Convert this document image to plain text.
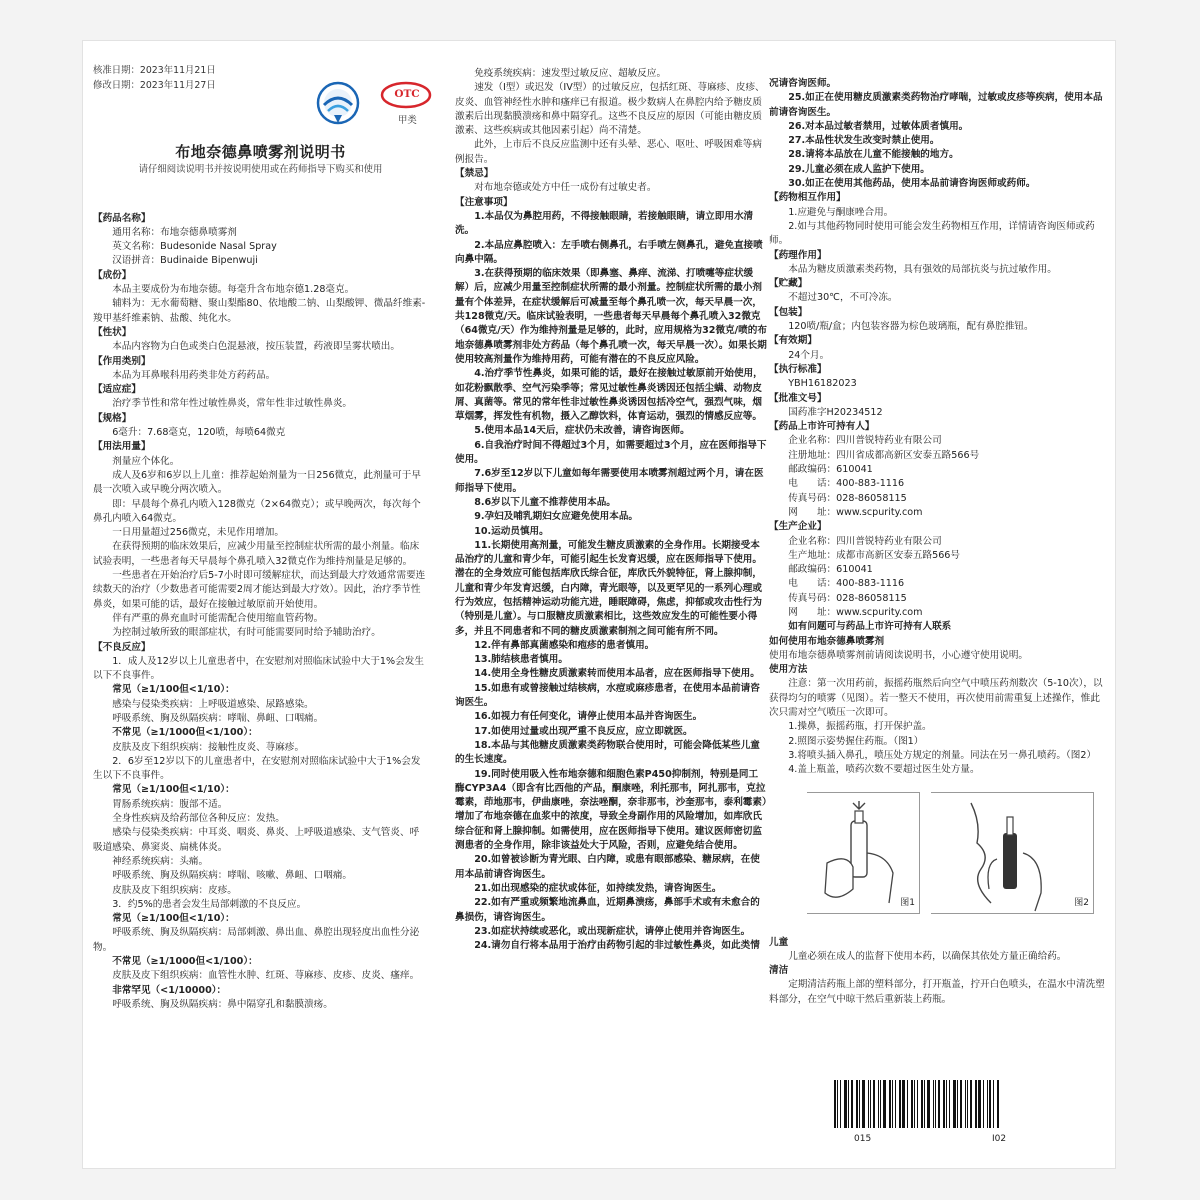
核准日期：2023年11月21日

修改日期：2023年11月27日

OTC
甲类
布地奈德鼻喷雾剂说明书
请仔细阅读说明书并按说明使用或在药师指导下购买和使用

【药品名称】

通用名称：布地奈德鼻喷雾剂

英文名称：Budesonide Nasal Spray

汉语拼音：Budinaide Bipenwuji

【成份】

本品主要成份为布地奈德。每毫升含布地奈德1.28毫克。

辅料为：无水葡萄糖、聚山梨酯80、依地酸二钠、山梨酸钾、微晶纤维素-羧甲基纤维素钠、盐酸、纯化水。

【性状】

本品内容物为白色或类白色混悬液，按压装置，药液即呈雾状喷出。

【作用类别】

本品为耳鼻喉科用药类非处方药药品。

【适应症】

治疗季节性和常年性过敏性鼻炎，常年性非过敏性鼻炎。

【规格】

6毫升：7.68毫克，120喷，每喷64微克

【用法用量】

剂量应个体化。

成人及6岁和6岁以上儿童：推荐起始剂量为一日256微克，此剂量可于早晨一次喷入或早晚分两次喷入。

即：早晨每个鼻孔内喷入128微克（2×64微克）；或早晚两次，每次每个鼻孔内喷入64微克。

一日用量超过256微克，未见作用增加。

在获得预期的临床效果后，应减少用量至控制症状所需的最小剂量。临床试验表明，一些患者每天早晨每个鼻孔喷入32微克作为维持剂量是足够的。

一些患者在开始治疗后5-7小时即可缓解症状，而达到最大疗效通常需要连续数天的治疗（少数患者可能需要2周才能达到最大疗效）。因此，治疗季节性鼻炎，如果可能的话，最好在接触过敏原前开始使用。

伴有严重的鼻充血时可能需配合使用缩血管药物。

为控制过敏所致的眼部症状，有时可能需要同时给予辅助治疗。

【不良反应】

1．成人及12岁以上儿童患者中，在安慰剂对照临床试验中大于1%会发生以下不良事件。

常见（≥1/100但<1/10）：

感染与侵染类疾病：上呼吸道感染、尿路感染。

呼吸系统、胸及纵隔疾病：哮喘、鼻衄、口咽痛。

不常见（≥1/1000但<1/100）：

皮肤及皮下组织疾病：接触性皮炎、荨麻疹。

2．6岁至12岁以下的儿童患者中，在安慰剂对照临床试验中大于1%会发生以下不良事件。

常见（≥1/100但<1/10）：

胃肠系统疾病：腹部不适。

全身性疾病及给药部位各种反应：发热。

感染与侵染类疾病：中耳炎、咽炎、鼻炎、上呼吸道感染、支气管炎、呼吸道感染、鼻窦炎、扁桃体炎。

神经系统疾病：头痛。

呼吸系统、胸及纵隔疾病：哮喘、咳嗽、鼻衄、口咽痛。

皮肤及皮下组织疾病：皮疹。

3．约5%的患者会发生局部刺激的不良反应。

常见（≥1/100但<1/10）：

呼吸系统、胸及纵隔疾病：局部刺激、鼻出血、鼻腔出现轻度出血性分泌物。

不常见（≥1/1000但<1/100）：

皮肤及皮下组织疾病：血管性水肿、红斑、荨麻疹、皮疹、皮炎、瘙痒。

非常罕见（<1/10000）：

呼吸系统、胸及纵隔疾病：鼻中隔穿孔和黏膜溃疡。

免疫系统疾病：速发型过敏反应、超敏反应。

速发（I型）或迟发（IV型）的过敏反应，包括红斑、荨麻疹、皮疹、皮炎、血管神经性水肿和瘙痒已有报道。极少数病人在鼻腔内给予糖皮质激素后出现黏膜溃疡和鼻中隔穿孔。这些不良反应的原因（可能由糖皮质激素、这些疾病或其他因素引起）尚不清楚。

此外，上市后不良反应监测中还有头晕、恶心、呕吐、呼吸困难等病例报告。

【禁忌】

对布地奈德或处方中任一成份有过敏史者。

【注意事项】

1.本品仅为鼻腔用药，不得接触眼睛，若接触眼睛，请立即用水清洗。

2.本品应鼻腔喷入：左手喷右侧鼻孔，右手喷左侧鼻孔，避免直接喷向鼻中隔。

3.在获得预期的临床效果（即鼻塞、鼻痒、流涕、打喷嚏等症状缓解）后，应减少用量至控制症状所需的最小剂量。控制症状所需的最小剂量有个体差异，在症状缓解后可减量至每个鼻孔喷一次，每天早晨一次，共128微克/天。临床试验表明，一些患者每天早晨每个鼻孔喷入32微克（64微克/天）作为维持剂量是足够的，此时，应用规格为32微克/喷的布地奈德鼻喷雾剂非处方药品（每个鼻孔喷一次，每天早晨一次）。如果长期使用较高剂量作为维持用药，可能有潜在的不良反应风险。

4.治疗季节性鼻炎，如果可能的话，最好在接触过敏原前开始使用，如花粉飘散季、空气污染季等；常见过敏性鼻炎诱因还包括尘螨、动物皮屑、真菌等。常见的常年性非过敏性鼻炎诱因包括冷空气，强烈气味，烟草烟雾，挥发性有机物，摄入乙醇饮料，体育运动，强烈的情感反应等。

5.使用本品14天后，症状仍未改善，请咨询医师。

6.自我治疗时间不得超过3个月，如需要超过3个月，应在医师指导下使用。

7.6岁至12岁以下儿童如每年需要使用本喷雾剂超过两个月，请在医师指导下使用。

8.6岁以下儿童不推荐使用本品。

9.孕妇及哺乳期妇女应避免使用本品。

10.运动员慎用。

11.长期使用高剂量，可能发生糖皮质激素的全身作用。长期接受本品治疗的儿童和青少年，可能引起生长发育迟缓，应在医师指导下使用。潜在的全身效应可能包括库欣氏综合征，库欣氏外貌特征，肾上腺抑制，儿童和青少年发育迟缓，白内障，青光眼等，以及更罕见的一系列心理或行为效应，包括精神运动功能亢进，睡眠障碍，焦虑，抑郁或攻击性行为（特别是儿童）。与口服糖皮质激素相比，这些效应发生的可能性要小得多，并且不同患者和不同的糖皮质激素制剂之间可能有所不同。

12.伴有鼻部真菌感染和疱疹的患者慎用。

13.肺结核患者慎用。

14.使用全身性糖皮质激素转而使用本品者，应在医师指导下使用。

15.如患有或曾接触过结核病，水痘或麻疹患者，在使用本品前请咨询医生。

16.如视力有任何变化，请停止使用本品并咨询医生。

17.如使用过量或出现严重不良反应，应立即就医。

18.本品与其他糖皮质激素类药物联合使用时，可能会降低某些儿童的生长速度。

19.同时使用吸入性布地奈德和细胞色素P450抑制剂，特别是同工酶CYP3A4（即含有比西他的产品，酮康唑，利托那韦，阿扎那韦，克拉霉素，茚地那韦，伊曲康唑，奈法唑酮，奈非那韦，沙奎那韦，泰利霉素）增加了布地奈德在血浆中的浓度，导致全身副作用的风险增加，如库欣氏综合征和肾上腺抑制。如需使用，应在医师指导下使用。建议医师密切监测患者的全身作用，除非该益处大于风险，否则，应避免结合使用。

20.如曾被诊断为青光眼、白内障，或患有眼部感染、糖尿病，在使用本品前请咨询医生。

21.如出现感染的症状或体征，如持续发热，请咨询医生。

22.如有严重或频繁地流鼻血，近期鼻溃疡，鼻部手术或有未愈合的鼻损伤，请咨询医生。

23.如症状持续或恶化，或出现新症状，请停止使用并咨询医生。

24.请勿自行将本品用于治疗由药物引起的非过敏性鼻炎，如此类情

况请咨询医师。

25.如正在使用糖皮质激素类药物治疗哮喘，过敏或皮疹等疾病，使用本品前请咨询医生。

26.对本品过敏者禁用，过敏体质者慎用。

27.本品性状发生改变时禁止使用。

28.请将本品放在儿童不能接触的地方。

29.儿童必须在成人监护下使用。

30.如正在使用其他药品，使用本品前请咨询医师或药师。

【药物相互作用】

1.应避免与酮康唑合用。

2.如与其他药物同时使用可能会发生药物相互作用，详情请咨询医师或药师。

【药理作用】

本品为糖皮质激素类药物，具有强效的局部抗炎与抗过敏作用。

【贮藏】

不超过30℃，不可冷冻。

【包装】

120喷/瓶/盒；内包装容器为棕色玻璃瓶，配有鼻腔推钮。

【有效期】

24个月。

【执行标准】

YBH16182023

【批准文号】

国药准字H20234512

【药品上市许可持有人】

企业名称：四川普锐特药业有限公司

注册地址：四川省成都高新区安泰五路566号

邮政编码：610041

电　　话：400-883-1116

传真号码：028-86058115

网　　址：www.scpurity.com

【生产企业】

企业名称：四川普锐特药业有限公司

生产地址：成都市高新区安泰五路566号

邮政编码：610041

电　　话：400-883-1116

传真号码：028-86058115

网　　址：www.scpurity.com

如有问题可与药品上市许可持有人联系

如何使用布地奈德鼻喷雾剂

使用布地奈德鼻喷雾剂前请阅读说明书，小心遵守使用说明。

使用方法

注意：第一次用药前，振摇药瓶然后向空气中喷压药剂数次（5-10次），以获得均匀的喷雾（见图）。若一整天不使用，再次使用前需重复上述操作，惟此次只需对空气喷压一次即可。

1.操鼻，振摇药瓶，打开保护盖。

2.照图示姿势握住药瓶。（图1）

3.将喷头插入鼻孔，喷压处方规定的剂量。同法在另一鼻孔喷药。（图2）

4.盖上瓶盖，喷药次数不要超过医生处方量。

图1	图2

儿童

儿童必须在成人的监督下使用本药，以确保其依处方量正确给药。

清洁

定期清洁药瓶上部的塑料部分，打开瓶盖，拧开白色喷头，在温水中清洗塑料部分，在空气中晾干然后重新装上药瓶。

015	I02
